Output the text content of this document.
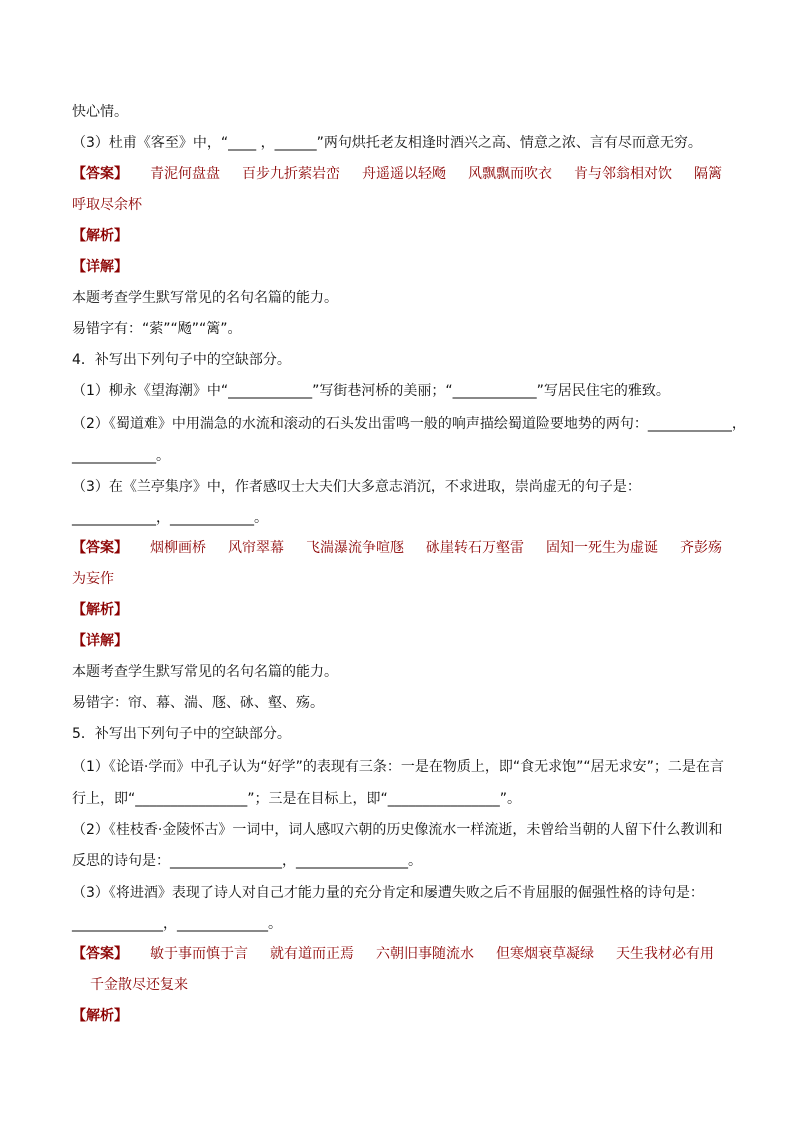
快心情。
（3）杜甫《客至》中，“____ ，______”两句烘托老友相逢时酒兴之高、情意之浓、言有尽而意无穷。
【答案】 青泥何盘盘 百步九折萦岩峦 舟遥遥以轻飏 风飘飘而吹衣 肯与邻翁相对饮 隔篱
呼取尽余杯
【解析】
【详解】
本题考查学生默写常见的名句名篇的能力。
易错字有：“萦”“飏”“篱”。
4．补写出下列句子中的空缺部分。
（1）柳永《望海潮》中“____________”写街巷河桥的美丽；“____________”写居民住宅的雅致。
（2）《蜀道难》中用湍急的水流和滚动的石头发出雷鸣一般的响声描绘蜀道险要地势的两句：____________，
____________。
（3）在《兰亭集序》中，作者感叹士大夫们大多意志消沉，不求进取，崇尚虚无的句子是：
____________，____________。
【答案】 烟柳画桥 风帘翠幕 飞湍瀑流争喧豗 砯崖转石万壑雷 固知一死生为虚诞 齐彭殇
为妄作
【解析】
【详解】
本题考查学生默写常见的名句名篇的能力。
易错字：帘、幕、湍、豗、砯、壑、殇。
5．补写出下列句子中的空缺部分。
（1）《论语·学而》中孔子认为“好学”的表现有三条：一是在物质上，即“食无求饱”“居无求安”；二是在言
行上，即“________________”；三是在目标上，即“________________”。
（2）《桂枝香·金陵怀古》一词中，词人感叹六朝的历史像流水一样流逝，未曾给当朝的人留下什么教训和
反思的诗句是：________________，________________。
（3）《将进酒》表现了诗人对自己才能力量的充分肯定和屡遭失败之后不肯屈服的倔强性格的诗句是：
_____________，_____________。
【答案】 敏于事而慎于言 就有道而正焉 六朝旧事随流水 但寒烟衰草凝绿 天生我材必有用
千金散尽还复来
【解析】
